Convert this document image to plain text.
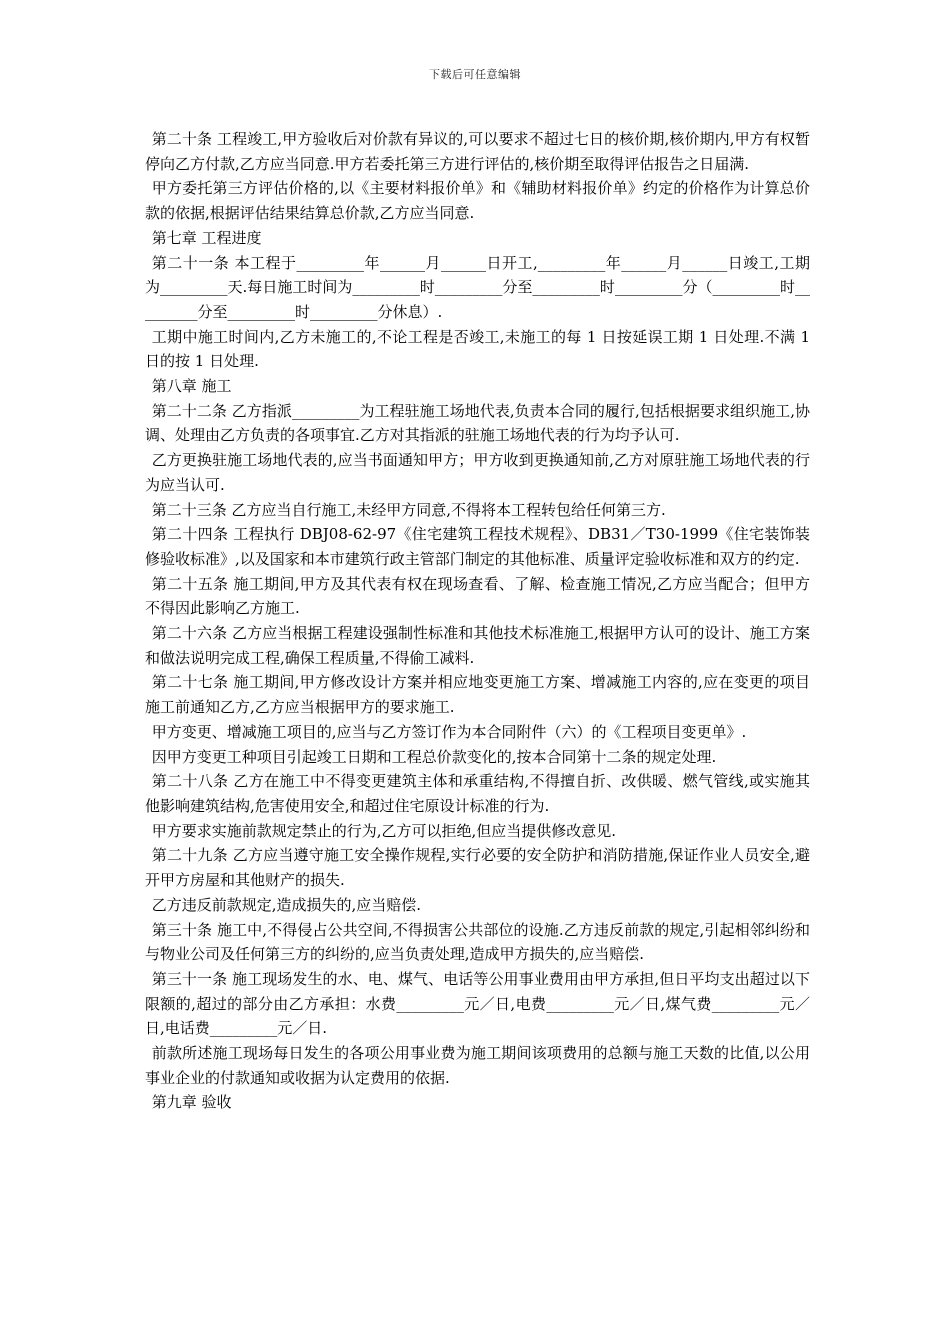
下载后可任意编辑

第二十条 工程竣工,甲方验收后对价款有异议的,可以要求不超过七日的核价期,核价期内,甲方有权暂停向乙方付款,乙方应当同意.甲方若委托第三方进行评估的,核价期至取得评估报告之日届满.

甲方委托第三方评估价格的,以《主要材料报价单》和《辅助材料报价单》约定的价格作为计算总价款的依据,根据评估结果结算总价款,乙方应当同意.

第七章 工程进度

第二十一条 本工程于_________年______月______日开工,_________年______月______日竣工,工期为_________天.每日施工时间为_________时_________分至_________时_________分（_________时_________分至_________时_________分休息）.

工期中施工时间内,乙方未施工的,不论工程是否竣工,未施工的每 1 日按延误工期 1 日处理.不满 1 日的按 1 日处理.

第八章 施工

第二十二条 乙方指派_________为工程驻施工场地代表,负责本合同的履行,包括根据要求组织施工,协调、处理由乙方负责的各项事宜.乙方对其指派的驻施工场地代表的行为均予认可.

乙方更换驻施工场地代表的,应当书面通知甲方；甲方收到更换通知前,乙方对原驻施工场地代表的行为应当认可.

第二十三条 乙方应当自行施工,未经甲方同意,不得将本工程转包给任何第三方.

第二十四条 工程执行 DBJ08-62-97《住宅建筑工程技术规程》、DB31／T30-1999《住宅装饰装修验收标准》,以及国家和本市建筑行政主管部门制定的其他标准、质量评定验收标准和双方的约定.

第二十五条 施工期间,甲方及其代表有权在现场查看、了解、检查施工情况,乙方应当配合；但甲方不得因此影响乙方施工.

第二十六条 乙方应当根据工程建设强制性标准和其他技术标准施工,根据甲方认可的设计、施工方案和做法说明完成工程,确保工程质量,不得偷工减料.

第二十七条 施工期间,甲方修改设计方案并相应地变更施工方案、增减施工内容的,应在变更的项目施工前通知乙方,乙方应当根据甲方的要求施工.

甲方变更、增减施工项目的,应当与乙方签订作为本合同附件（六）的《工程项目变更单》.

因甲方变更工种项目引起竣工日期和工程总价款变化的,按本合同第十二条的规定处理.

第二十八条 乙方在施工中不得变更建筑主体和承重结构,不得擅自折、改供暖、燃气管线,或实施其他影响建筑结构,危害使用安全,和超过住宅原设计标准的行为.

甲方要求实施前款规定禁止的行为,乙方可以拒绝,但应当提供修改意见.

第二十九条 乙方应当遵守施工安全操作规程,实行必要的安全防护和消防措施,保证作业人员安全,避开甲方房屋和其他财产的损失.

乙方违反前款规定,造成损失的,应当赔偿.

第三十条 施工中,不得侵占公共空间,不得损害公共部位的设施.乙方违反前款的规定,引起相邻纠纷和与物业公司及任何第三方的纠纷的,应当负责处理,造成甲方损失的,应当赔偿.

第三十一条 施工现场发生的水、电、煤气、电话等公用事业费用由甲方承担,但日平均支出超过以下限额的,超过的部分由乙方承担：水费_________元／日,电费_________元／日,煤气费_________元／日,电话费_________元／日.

前款所述施工现场每日发生的各项公用事业费为施工期间该项费用的总额与施工天数的比值,以公用事业企业的付款通知或收据为认定费用的依据.

第九章 验收
